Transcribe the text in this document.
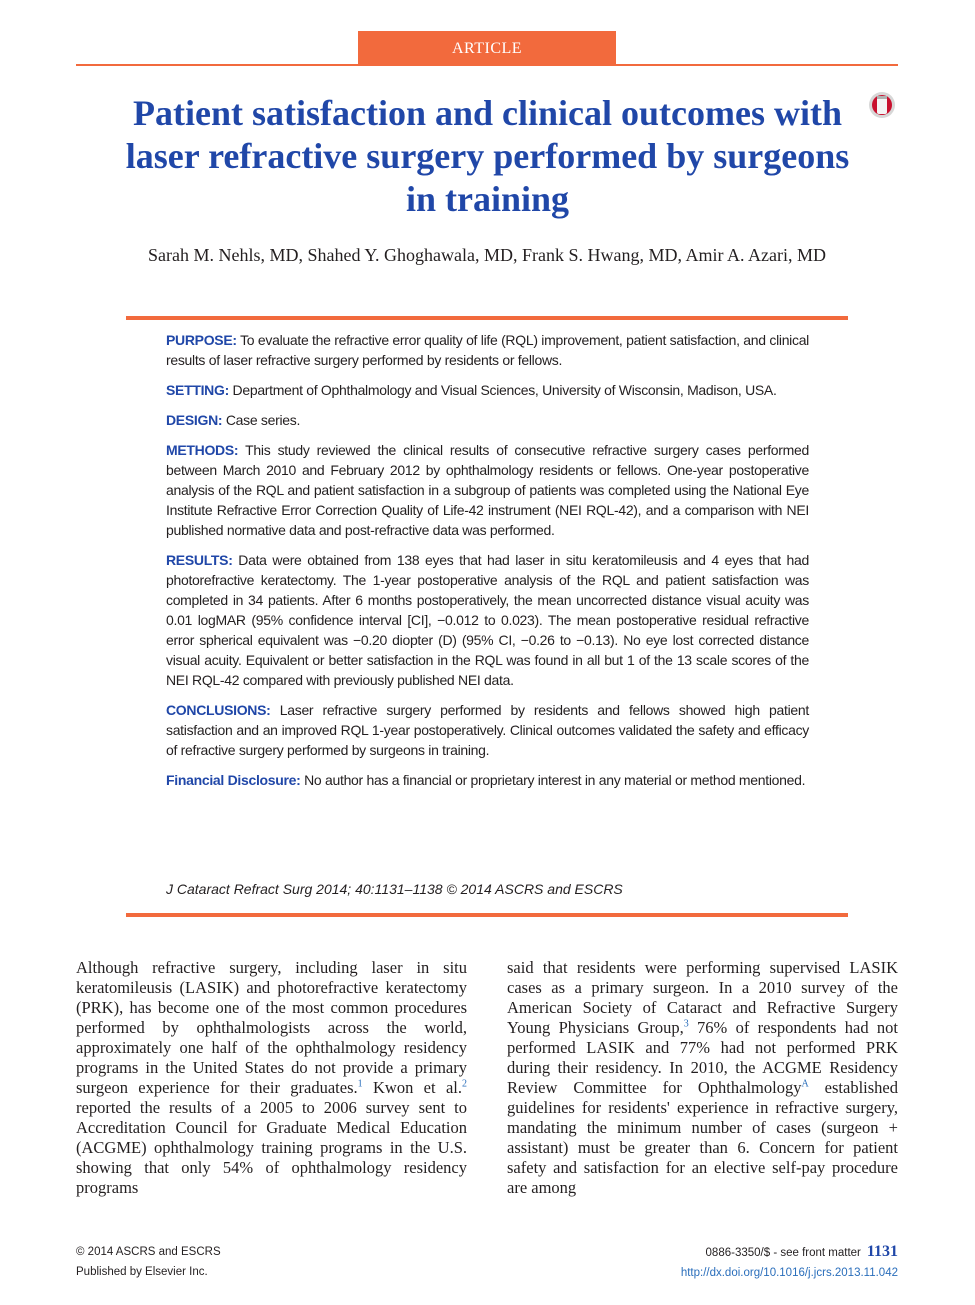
ARTICLE
Patient satisfaction and clinical outcomes with laser refractive surgery performed by surgeons in training
Sarah M. Nehls, MD, Shahed Y. Ghoghawala, MD, Frank S. Hwang, MD, Amir A. Azari, MD

PURPOSE: To evaluate the refractive error quality of life (RQL) improvement, patient satisfaction, and clinical results of laser refractive surgery performed by residents or fellows.

SETTING: Department of Ophthalmology and Visual Sciences, University of Wisconsin, Madison, USA.

DESIGN: Case series.

METHODS: This study reviewed the clinical results of consecutive refractive surgery cases performed between March 2010 and February 2012 by ophthalmology residents or fellows. One-year postoperative analysis of the RQL and patient satisfaction in a subgroup of patients was completed using the National Eye Institute Refractive Error Correction Quality of Life-42 instrument (NEI RQL-42), and a comparison with NEI published normative data and post-refractive data was performed.

RESULTS: Data were obtained from 138 eyes that had laser in situ keratomileusis and 4 eyes that had photorefractive keratectomy. The 1-year postoperative analysis of the RQL and patient satisfaction was completed in 34 patients. After 6 months postoperatively, the mean uncorrected distance visual acuity was 0.01 logMAR (95% confidence interval [CI], −0.012 to 0.023). The mean postoperative residual refractive error spherical equivalent was −0.20 diopter (D) (95% CI, −0.26 to −0.13). No eye lost corrected distance visual acuity. Equivalent or better satisfaction in the RQL was found in all but 1 of the 13 scale scores of the NEI RQL-42 compared with previously published NEI data.

CONCLUSIONS: Laser refractive surgery performed by residents and fellows showed high patient satisfaction and an improved RQL 1-year postoperatively. Clinical outcomes validated the safety and efficacy of refractive surgery performed by surgeons in training.

Financial Disclosure: No author has a financial or proprietary interest in any material or method mentioned.

J Cataract Refract Surg 2014; 40:1131–1138 © 2014 ASCRS and ESCRS
Although refractive surgery, including laser in situ keratomileusis (LASIK) and photorefractive keratectomy (PRK), has become one of the most common procedures performed by ophthalmologists across the world, approximately one half of the ophthalmology residency programs in the United States do not provide a primary surgeon experience for their graduates.$^1$ Kwon et al.$^2$ reported the results of a 2005 to 2006 survey sent to Accreditation Council for Graduate Medical Education (ACGME) ophthalmology training programs in the U.S. showing that only 54% of ophthalmology residency programs
said that residents were performing supervised LASIK cases as a primary surgeon. In a 2010 survey of the American Society of Cataract and Refractive Surgery Young Physicians Group,$^3$ 76% of respondents had not performed LASIK and 77% had not performed PRK during their residency. In 2010, the ACGME Residency Review Committee for Ophthalmology$^A$ established guidelines for residents' experience in refractive surgery, mandating the minimum number of cases (surgeon + assistant) must be greater than 6. Concern for patient safety and satisfaction for an elective self-pay procedure are among
© 2014 ASCRS and ESCRS
Published by Elsevier Inc.
0886-3350/$ - see front matter 1131
http://dx.doi.org/10.1016/j.jcrs.2013.11.042
